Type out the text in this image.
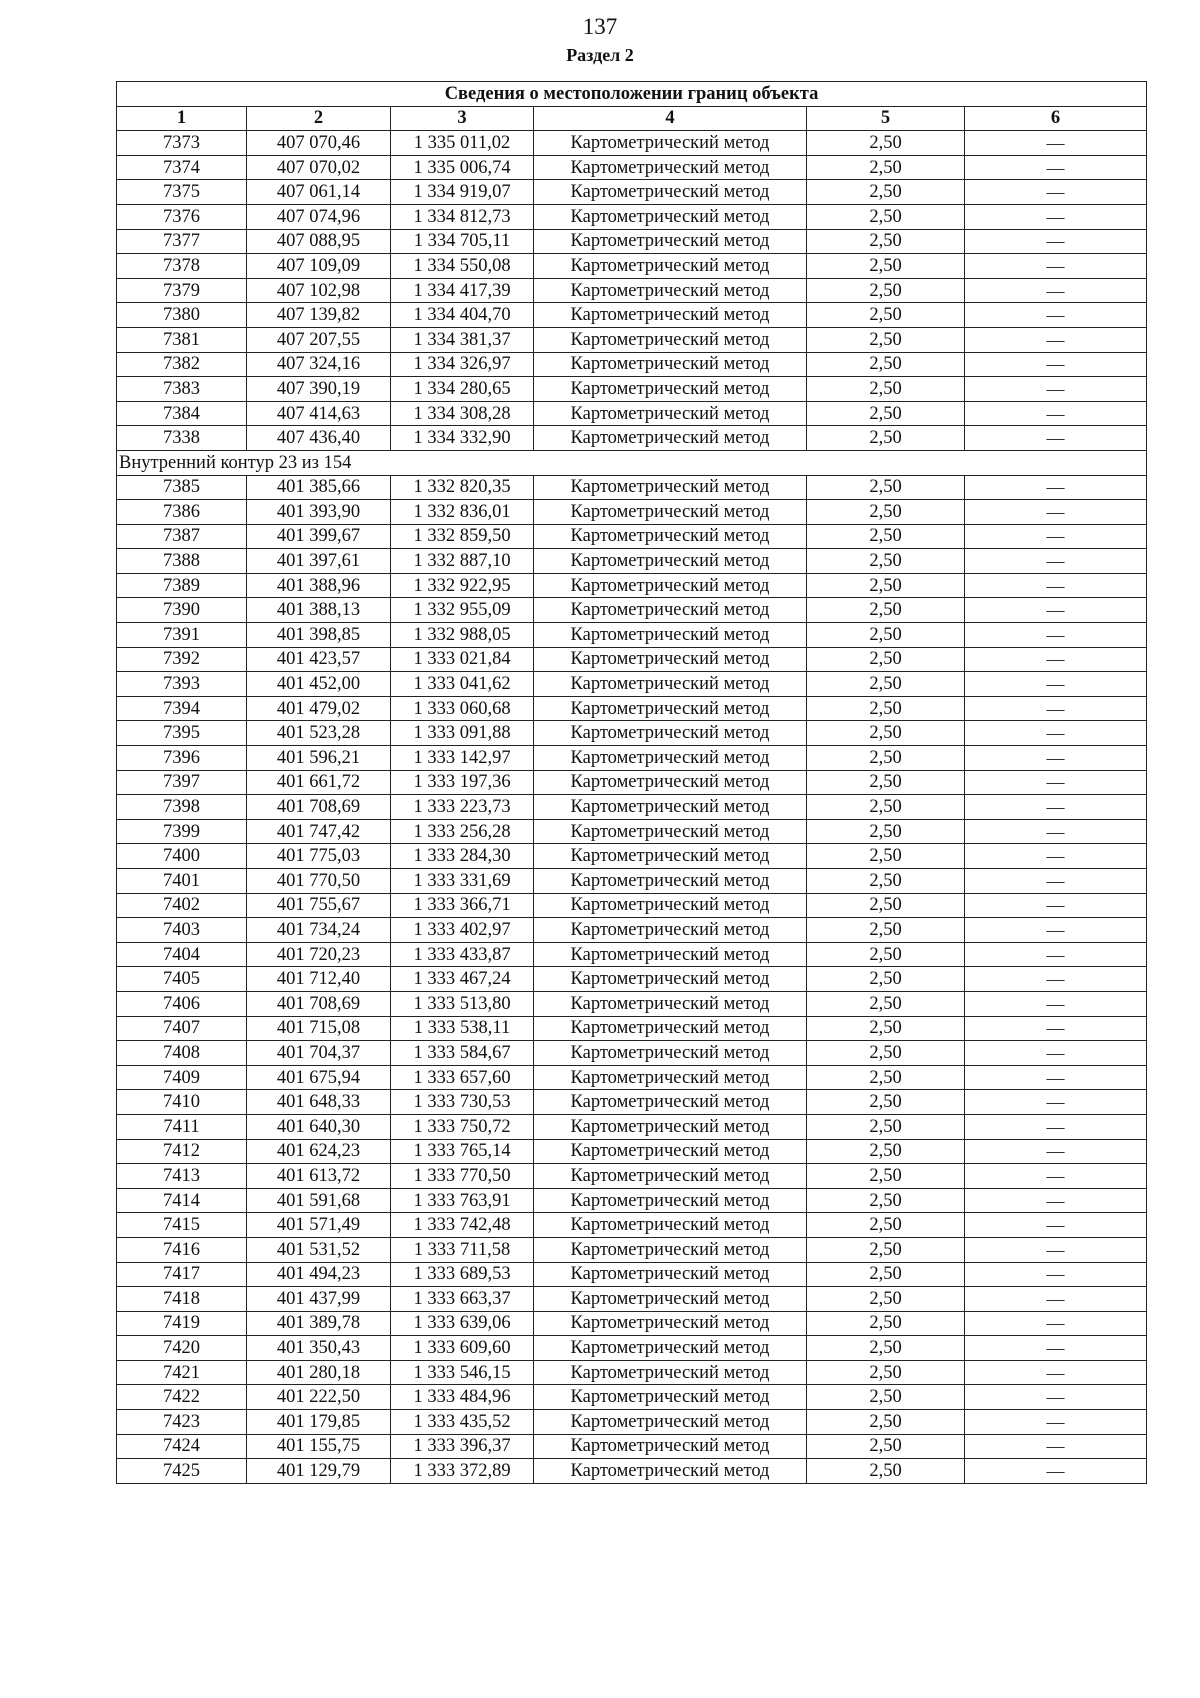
137
Раздел 2
Сведения о местоположении границ объекта					
1	2	3	4	5	6
7373	407 070,46	1 335 011,02	Картометрический метод	2,50	—
7374	407 070,02	1 335 006,74	Картометрический метод	2,50	—
7375	407 061,14	1 334 919,07	Картометрический метод	2,50	—
7376	407 074,96	1 334 812,73	Картометрический метод	2,50	—
7377	407 088,95	1 334 705,11	Картометрический метод	2,50	—
7378	407 109,09	1 334 550,08	Картометрический метод	2,50	—
7379	407 102,98	1 334 417,39	Картометрический метод	2,50	—
7380	407 139,82	1 334 404,70	Картометрический метод	2,50	—
7381	407 207,55	1 334 381,37	Картометрический метод	2,50	—
7382	407 324,16	1 334 326,97	Картометрический метод	2,50	—
7383	407 390,19	1 334 280,65	Картометрический метод	2,50	—
7384	407 414,63	1 334 308,28	Картометрический метод	2,50	—
7338	407 436,40	1 334 332,90	Картометрический метод	2,50	—
Внутренний контур 23 из 154					
7385	401 385,66	1 332 820,35	Картометрический метод	2,50	—
7386	401 393,90	1 332 836,01	Картометрический метод	2,50	—
7387	401 399,67	1 332 859,50	Картометрический метод	2,50	—
7388	401 397,61	1 332 887,10	Картометрический метод	2,50	—
7389	401 388,96	1 332 922,95	Картометрический метод	2,50	—
7390	401 388,13	1 332 955,09	Картометрический метод	2,50	—
7391	401 398,85	1 332 988,05	Картометрический метод	2,50	—
7392	401 423,57	1 333 021,84	Картометрический метод	2,50	—
7393	401 452,00	1 333 041,62	Картометрический метод	2,50	—
7394	401 479,02	1 333 060,68	Картометрический метод	2,50	—
7395	401 523,28	1 333 091,88	Картометрический метод	2,50	—
7396	401 596,21	1 333 142,97	Картометрический метод	2,50	—
7397	401 661,72	1 333 197,36	Картометрический метод	2,50	—
7398	401 708,69	1 333 223,73	Картометрический метод	2,50	—
7399	401 747,42	1 333 256,28	Картометрический метод	2,50	—
7400	401 775,03	1 333 284,30	Картометрический метод	2,50	—
7401	401 770,50	1 333 331,69	Картометрический метод	2,50	—
7402	401 755,67	1 333 366,71	Картометрический метод	2,50	—
7403	401 734,24	1 333 402,97	Картометрический метод	2,50	—
7404	401 720,23	1 333 433,87	Картометрический метод	2,50	—
7405	401 712,40	1 333 467,24	Картометрический метод	2,50	—
7406	401 708,69	1 333 513,80	Картометрический метод	2,50	—
7407	401 715,08	1 333 538,11	Картометрический метод	2,50	—
7408	401 704,37	1 333 584,67	Картометрический метод	2,50	—
7409	401 675,94	1 333 657,60	Картометрический метод	2,50	—
7410	401 648,33	1 333 730,53	Картометрический метод	2,50	—
7411	401 640,30	1 333 750,72	Картометрический метод	2,50	—
7412	401 624,23	1 333 765,14	Картометрический метод	2,50	—
7413	401 613,72	1 333 770,50	Картометрический метод	2,50	—
7414	401 591,68	1 333 763,91	Картометрический метод	2,50	—
7415	401 571,49	1 333 742,48	Картометрический метод	2,50	—
7416	401 531,52	1 333 711,58	Картометрический метод	2,50	—
7417	401 494,23	1 333 689,53	Картометрический метод	2,50	—
7418	401 437,99	1 333 663,37	Картометрический метод	2,50	—
7419	401 389,78	1 333 639,06	Картометрический метод	2,50	—
7420	401 350,43	1 333 609,60	Картометрический метод	2,50	—
7421	401 280,18	1 333 546,15	Картометрический метод	2,50	—
7422	401 222,50	1 333 484,96	Картометрический метод	2,50	—
7423	401 179,85	1 333 435,52	Картометрический метод	2,50	—
7424	401 155,75	1 333 396,37	Картометрический метод	2,50	—
7425	401 129,79	1 333 372,89	Картометрический метод	2,50	—
